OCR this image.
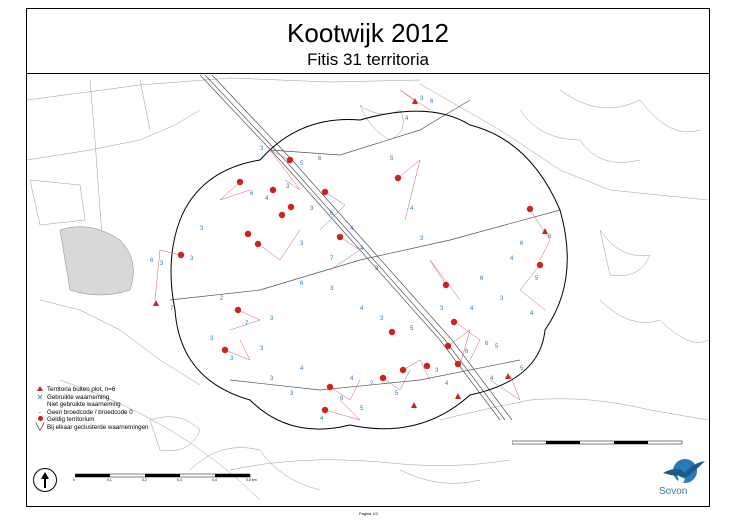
Kootwijk 2012
Fitis 31 territoria
3
5
6
6
4
3
3
6
4
3 6
4
5
4
3
6
6
5
4
3
3
3
3
7
3
6
3
4
3
5
3	4
6 5
6
3
4
4
5
4
2
5
6
5
4
3
4
3
3
3
6
7
2
3
4
7
3
6
3
4
Territoria buiten plot, n=6
✕ Gebruikte waarneming
Niet gebruikte waarneming
· Geen broedcode / broedcode 0
Geldig territorium
╲╱ Bij elkaar geclusterde waarnemingen
0	0,1	0,2	0,3	0,4	0,5 km
Sovon
Pagina 1/1
